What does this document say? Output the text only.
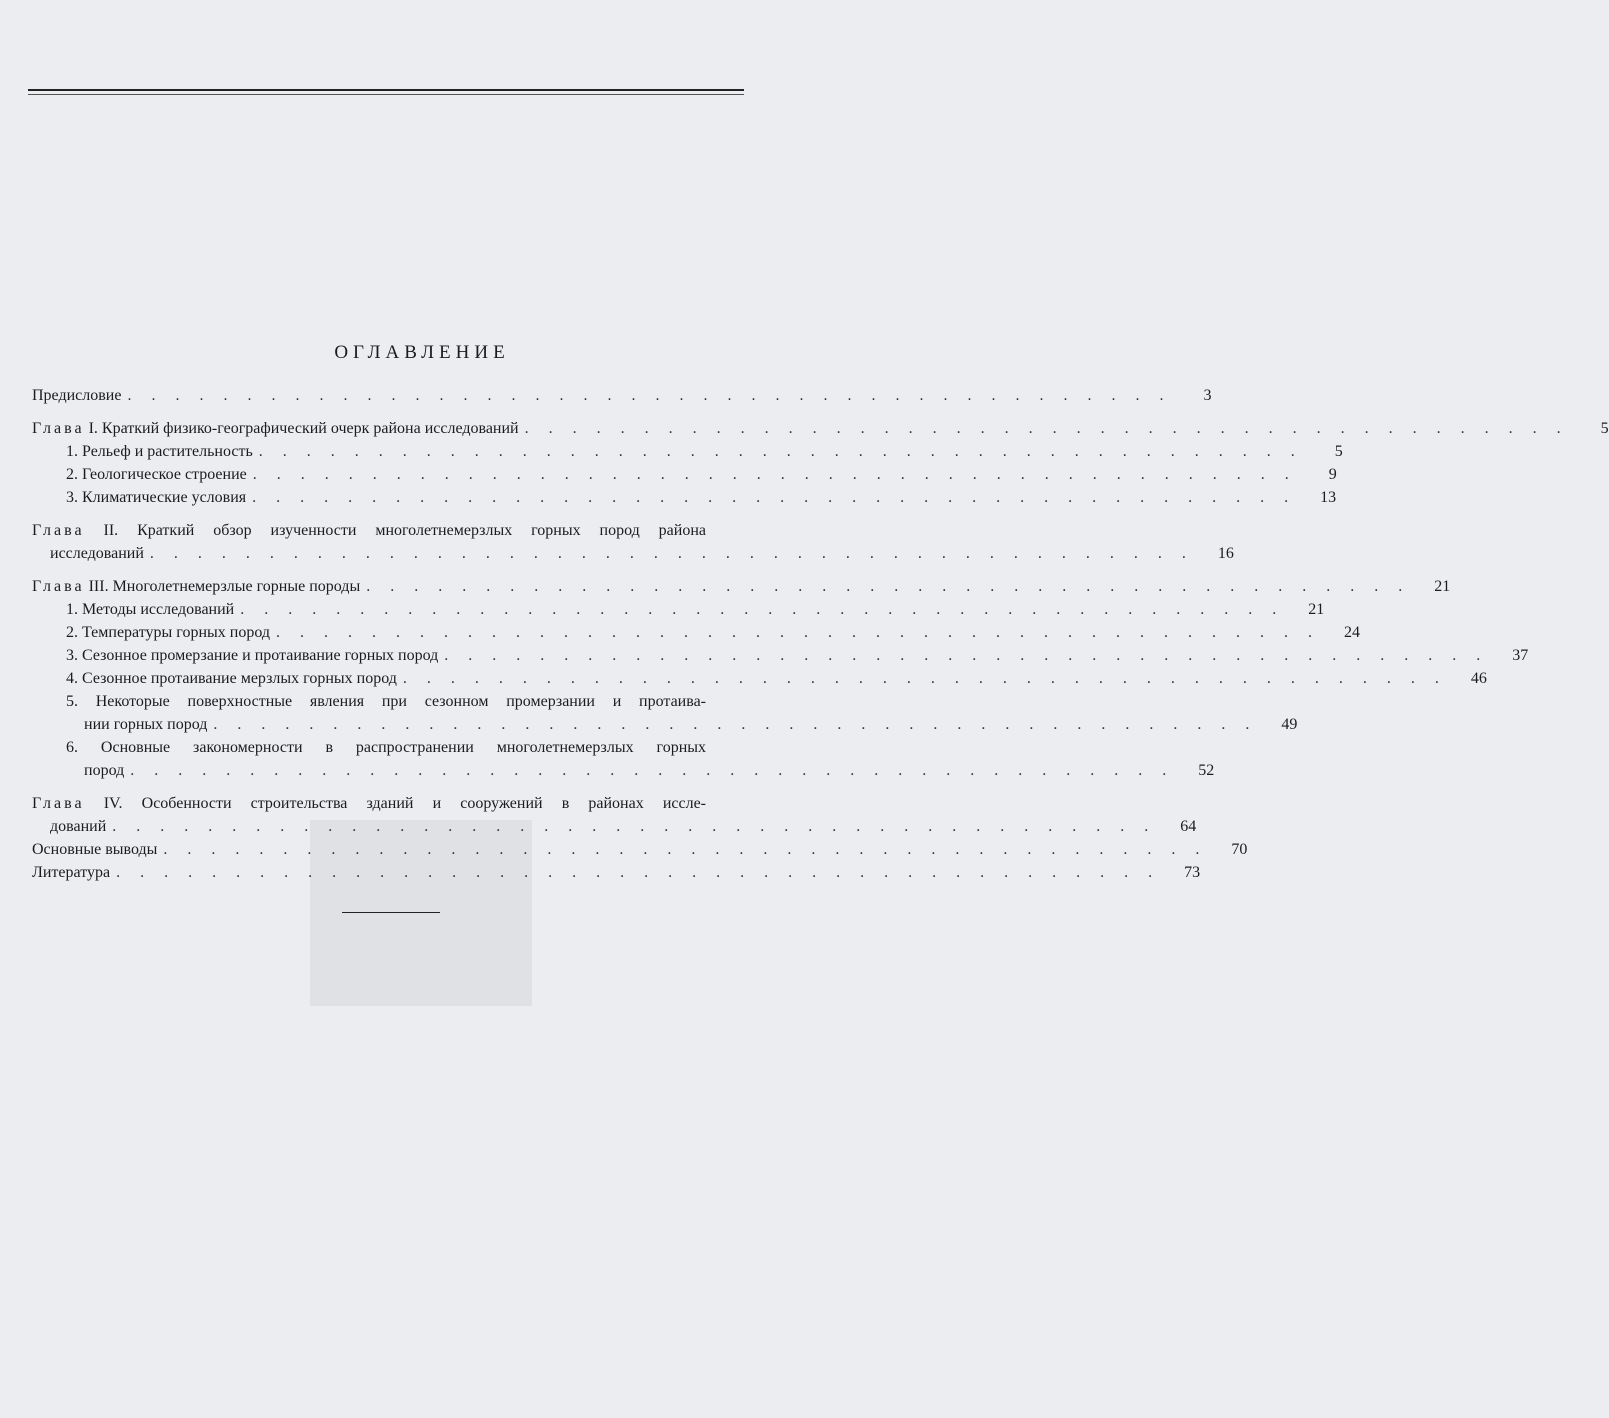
ОГЛАВЛЕНИЕ
Предисловие . . . . . . . . . . . . . . . . . . . . . . . . . . . . . . . . . . . . . . . . . . . .	3
Глава I. Краткий физико-географический очерк района исследований . . . . . . . . . . . . . . . . . . . . . . . . . . . . . . . . . . . . . . . . . . . .	5
1. Рельеф и растительность . . . . . . . . . . . . . . . . . . . . . . . . . . . . . . . . . . . . . . . . . . . .	5
2. Геологическое строение . . . . . . . . . . . . . . . . . . . . . . . . . . . . . . . . . . . . . . . . . . . .	9
3. Климатические условия . . . . . . . . . . . . . . . . . . . . . . . . . . . . . . . . . . . . . . . . . . . .	13
Глава II. Краткий обзор изученности многолетнемерзлых горных пород района
исследований . . . . . . . . . . . . . . . . . . . . . . . . . . . . . . . . . . . . . . . . . . . .	16
Глава III. Многолетнемерзлые горные породы . . . . . . . . . . . . . . . . . . . . . . . . . . . . . . . . . . . . . . . . . . . .	21
1. Методы исследований . . . . . . . . . . . . . . . . . . . . . . . . . . . . . . . . . . . . . . . . . . . .	21
2. Температуры горных пород . . . . . . . . . . . . . . . . . . . . . . . . . . . . . . . . . . . . . . . . . . . .	24
3. Сезонное промерзание и протаивание горных пород . . . . . . . . . . . . . . . . . . . . . . . . . . . . . . . . . . . . . . . . . . . .	37
4. Сезонное протаивание мерзлых горных пород . . . . . . . . . . . . . . . . . . . . . . . . . . . . . . . . . . . . . . . . . . . .	46
5. Некоторые поверхностные явления при сезонном промерзании и протаива-
нии горных пород . . . . . . . . . . . . . . . . . . . . . . . . . . . . . . . . . . . . . . . . . . . .	49
6. Основные закономерности в распространении многолетнемерзлых горных
пород . . . . . . . . . . . . . . . . . . . . . . . . . . . . . . . . . . . . . . . . . . . .	52
Глава IV. Особенности строительства зданий и сооружений в районах иссле-
дований . . . . . . . . . . . . . . . . . . . . . . . . . . . . . . . . . . . . . . . . . . . .	64
Основные выводы . . . . . . . . . . . . . . . . . . . . . . . . . . . . . . . . . . . . . . . . . . . .	70
Литература . . . . . . . . . . . . . . . . . . . . . . . . . . . . . . . . . . . . . . . . . . . .	73
